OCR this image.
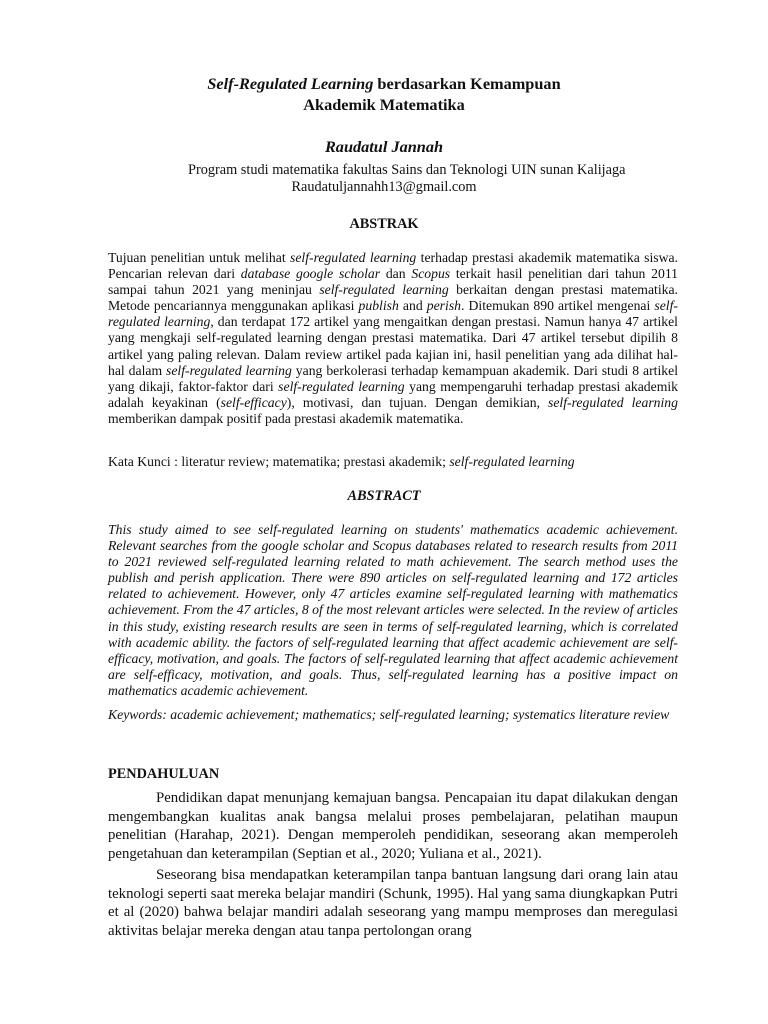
Self-Regulated Learning berdasarkan Kemampuan
Akademik Matematika
Raudatul Jannah
Program studi matematika fakultas Sains dan Teknologi UIN sunan Kalijaga
Raudatuljannahh13@gmail.com
ABSTRAK
Tujuan penelitian untuk melihat self-regulated learning terhadap prestasi akademik matematika siswa. Pencarian relevan dari database google scholar dan Scopus terkait hasil penelitian dari tahun 2011 sampai tahun 2021 yang meninjau self-regulated learning berkaitan dengan prestasi matematika. Metode pencariannya menggunakan aplikasi publish and perish. Ditemukan 890 artikel mengenai self-regulated learning, dan terdapat 172 artikel yang mengaitkan dengan prestasi. Namun hanya 47 artikel yang mengkaji self-regulated learning dengan prestasi matematika. Dari 47 artikel tersebut dipilih 8 artikel yang paling relevan. Dalam review artikel pada kajian ini, hasil penelitian yang ada dilihat hal-hal dalam self-regulated learning yang berkolerasi terhadap kemampuan akademik. Dari studi 8 artikel yang dikaji, faktor-faktor dari self-regulated learning yang mempengaruhi terhadap prestasi akademik adalah keyakinan (self-efficacy), motivasi, dan tujuan. Dengan demikian, self-regulated learning memberikan dampak positif pada prestasi akademik matematika.
Kata Kunci : literatur review; matematika; prestasi akademik; self-regulated learning
ABSTRACT
This study aimed to see self-regulated learning on students' mathematics academic achievement. Relevant searches from the google scholar and Scopus databases related to research results from 2011 to 2021 reviewed self-regulated learning related to math achievement. The search method uses the publish and perish application. There were 890 articles on self-regulated learning and 172 articles related to achievement. However, only 47 articles examine self-regulated learning with mathematics achievement. From the 47 articles, 8 of the most relevant articles were selected. In the review of articles in this study, existing research results are seen in terms of self-regulated learning, which is correlated with academic ability. the factors of self-regulated learning that affect academic achievement are self-efficacy, motivation, and goals. The factors of self-regulated learning that affect academic achievement are self-efficacy, motivation, and goals. Thus, self-regulated learning has a positive impact on mathematics academic achievement.
Keywords: academic achievement; mathematics; self-regulated learning; systematics literature review
PENDAHULUAN
Pendidikan dapat menunjang kemajuan bangsa. Pencapaian itu dapat dilakukan dengan mengembangkan kualitas anak bangsa melalui proses pembelajaran, pelatihan maupun penelitian (Harahap, 2021). Dengan memperoleh pendidikan, seseorang akan memperoleh pengetahuan dan keterampilan (Septian et al., 2020; Yuliana et al., 2021).
Seseorang bisa mendapatkan keterampilan tanpa bantuan langsung dari orang lain atau teknologi seperti saat mereka belajar mandiri (Schunk, 1995). Hal yang sama diungkapkan Putri et al (2020) bahwa belajar mandiri adalah seseorang yang mampu memproses dan meregulasi aktivitas belajar mereka dengan atau tanpa pertolongan orang
